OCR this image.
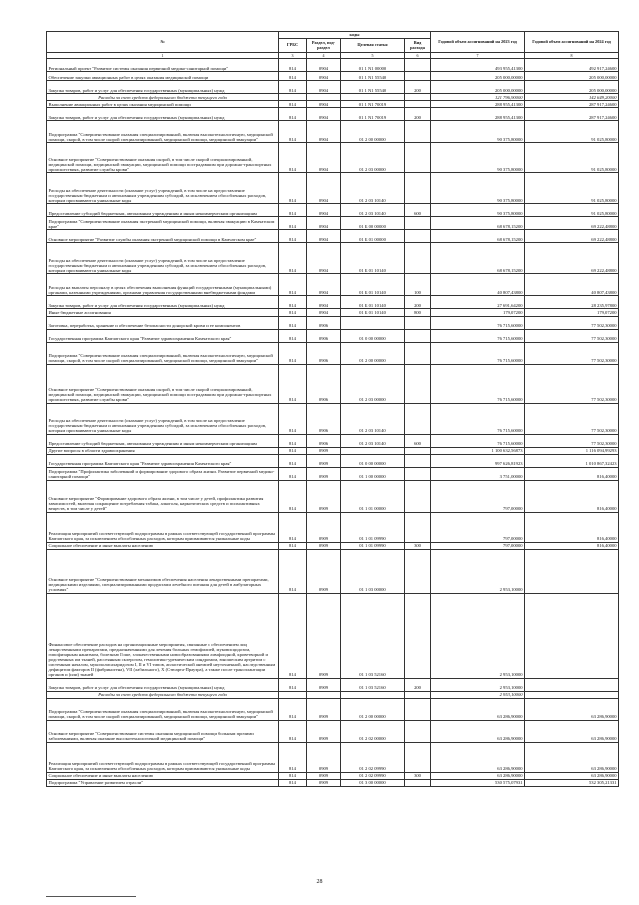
№	коды				Годовой объем ассигнований на 2023 год	Годовой объем ассигнований на 2024 год
	ГРБС	Раздел, под-раздел	Целевая статья	Вид расхода		
1	3	4	5	6	7	8
Региональный проект "Развитие системы оказания первичной медико-санитарной помощи"	814	0904	01 1 N1 00000		493 955,41300	492 917,24600
Обеспечение закупки авиационных работ в целях оказания медицинской помощи	814	0904	01 1 N1 55540		205 000,00000	205 000,00000
Закупка товаров, работ и услуг для обеспечения государственных (муниципальных) нужд	814	0904	01 1 N1 55540	200	205 000,00000	205 000,00000
Расходы за счет средств федерального бюджета текущего года					121 796,90000	142 649,20000
Выполнение авиационных работ в целях оказания медицинской помощи	814	0904	01 1 N1 70019		288 955,41300	287 917,24600
Закупка товаров, работ и услуг для обеспечения государственных (муниципальных) нужд	814	0904	01 1 N1 70019	200	288 955,41300	287 917,24600
Подпрограмма "Совершенствование оказания специализированной, включая высокотехнологичную, медицинской помощи, скорой, в том числе скорой специализированной, медицинской помощи, медицинской эвакуации"	814	0904	01 2 00 00000		90 375,80000	91 025,80000
Основное мероприятие "Совершенствование оказания скорой, в том числе скорой специализированной, медицинской помощи, медицинской эвакуации, медицинской помощи пострадавшим при дорожно-транспортных происшествиях, развитие службы крови"	814	0904	01 2 03 00000		90 375,80000	91 025,80000
Расходы на обеспечение деятельности (оказание услуг) учреждений, в том числе на предоставление государственным бюджетным и автономным учреждениям субсидий, за исключением обособленных расходов, которым присваиваются уникальные коды	814	0904	01 2 03 10140		90 375,80000	91 025,80000
Предоставление субсидий бюджетным, автономным учреждениям и иным некоммерческим организациям	814	0904	01 2 03 10140	600	90 375,80000	91 025,80000
Подпрограмма "Совершенствование оказания экстренной медицинской помощи, включая эвакуацию в Камчатском крае"	814	0904	01 Б 00 00000		68 678,15200	69 222,48800
Основное мероприятие "Развитие службы оказания экстренной медицинской помощи в Камчатском крае"	814	0904	01 Б 01 00000		68 678,15200	69 222,48800
Расходы на обеспечение деятельности (оказание услуг) учреждений, в том числе на предоставление государственным бюджетным и автономным учреждениям субсидий, за исключением обособленных расходов, которым присваиваются уникальные коды	814	0904	01 Б 01 10140		68 678,15200	69 222,48800
Расходы на выплаты персоналу в целях обеспечения выполнения функций государственными (муниципальными) органами, казенными учреждениями, органами управления государственными внебюджетными фондами	814	0904	01 Б 01 10140	100	40 807,43800	40 807,43800
Закупка товаров, работ и услуг для обеспечения государственных (муниципальных) нужд	814	0904	01 Б 01 10140	200	27 691,64200	28 235,97800
Иные бюджетные ассигнования	814	0904	01 Б 01 10140	800	179,07200	179,07200
Заготовка, переработка, хранение и обеспечение безопасности донорской крови и ее компонентов	814	0906			76 715,60000	77 502,30000
Государственная программа Камчатского края "Развитие здравоохранения Камчатского края"	814	0906	01 0 00 00000		76 715,60000	77 502,30000
Подпрограмма "Совершенствование оказания специализированной, включая высокотехнологичную, медицинской помощи, скорой, в том числе скорой специализированной, медицинской помощи, медицинской эвакуации"	814	0906	01 2 00 00000		76 715,60000	77 502,30000
Основное мероприятие "Совершенствование оказания скорой, в том числе скорой специализированной, медицинской помощи, медицинской эвакуации, медицинской помощи пострадавшим при дорожно-транспортных происшествиях, развитие службы крови"	814	0906	01 2 03 00000		76 715,60000	77 502,30000
Расходы на обеспечение деятельности (оказание услуг) учреждений, в том числе на предоставление государственным бюджетным и автономным учреждениям субсидий, за исключением обособленных расходов, которым присваиваются уникальные коды	814	0906	01 2 03 10140		76 715,60000	77 502,30000
Предоставление субсидий бюджетным, автономным учреждениям и иным некоммерческим организациям	814	0906	01 2 03 10140	600	76 715,60000	77 502,30000
Другие вопросы в области здравоохранения	814	0909			1 100 632,56873	1 116 094,99293
Государственная программа Камчатского края "Развитие здравоохранения Камчатского края"	814	0909	01 0 00 00000		997 626,81923	1 010 867,32423
Подпрограмма "Профилактика заболеваний и формирование здорового образа жизни. Развитие первичной медико-санитарной помощи"	814	0909	01 1 00 00000		3 751,00000	816,40000
Основное мероприятие "Формирование здорового образа жизни, в том числе у детей, профилактика развития зависимостей, включая сокращение потребления табака, алкоголя, наркотических средств и психоактивных веществ, в том числе у детей"	814	0909	01 1 01 00000		797,00000	816,40000
Реализация мероприятий соответствующей подпрограммы в рамках соответствующей государственной программы Камчатского края, за исключением обособленных расходов, которым присваиваются уникальные коды	814	0909	01 1 01 09990		797,00000	816,40000
Социальное обеспечение и иные выплаты населению	814	0909	01 1 01 09990	300	797,00000	816,40000
Основное мероприятие "Совершенствование механизмов обеспечения населения лекарственными препаратами, медицинскими изделиями, специализированными продуктами лечебного питания для детей в амбулаторных условиях"	814	0909	01 1 03 00000		2 953,10000	
Финансовое обеспечение расходов на организационные мероприятия, связанные с обеспечением лиц лекарственными препаратами, предназначенными для лечения больных гемофилией, муковисцидозом, гипофизарным нанизмом, болезнью Гоше, злокачественными новообразованиями лимфоидной, кроветворной и родственных им тканей, рассеянным склерозом, гемолитико-уремическим синдромом, юношеским артритом с системным началом, мукополисахаридозом I, II и VI типов, апластической анемией неуточненной, наследственным дефицитом факторов II (фибриногена), VII (лабильного), X (Стюарта-Прауэра), а также после трансплантации органов и (или) тканей	814	0909	01 1 03 52160		2 953,10000	
Закупка товаров, работ и услуг для обеспечения государственных (муниципальных) нужд	814	0909	01 1 03 52160	200	2 953,10000	
Расходы за счет средств федерального бюджета текущего года					2 953,10000	
Подпрограмма "Совершенствование оказания специализированной, включая высокотехнологичную, медицинской помощи, скорой, в том числе скорой специализированной, медицинской помощи, медицинской эвакуации"	814	0909	01 2 00 00000		63 286,90000	63 286,90000
Основное мероприятие "Совершенствование системы оказания медицинской помощи больным прочими заболеваниями, включая оказание высокотехнологичной медицинской помощи"	814	0909	01 2 02 00000		63 286,90000	63 286,90000
Реализация мероприятий соответствующей подпрограммы в рамках соответствующей государственной программы Камчатского края, за исключением обособленных расходов, которым присваиваются уникальные коды	814	0909	01 2 02 09990		63 286,90000	63 286,90000
Социальное обеспечение и иные выплаты населению	814	0909	01 2 02 09990	300	63 286,90000	63 286,90000
Подпрограмма "Управление развитием отрасли"	814	0909	01 3 00 00000		530 575,07931	532 305,21331
28
